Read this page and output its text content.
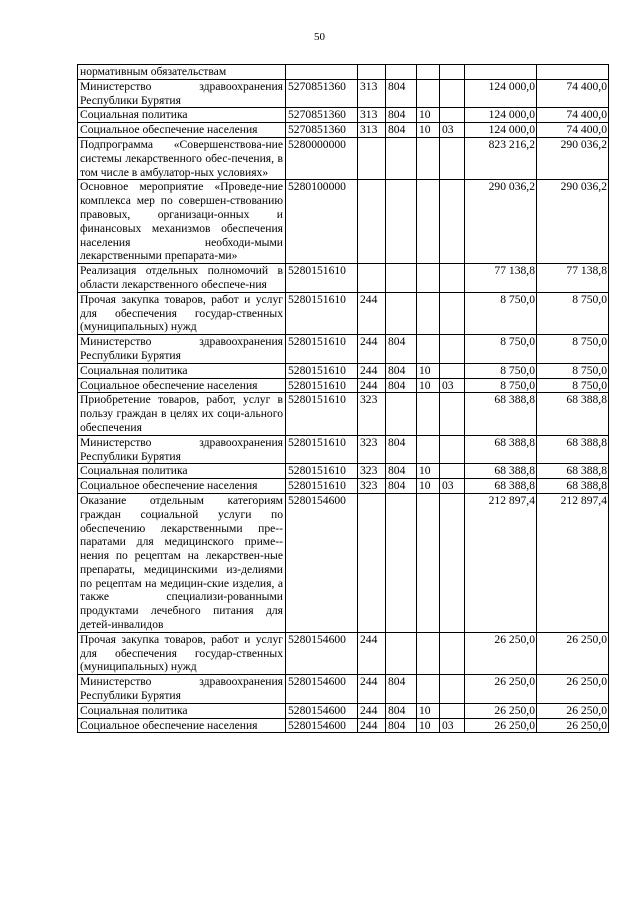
50
нормативным обязательствам							
Министерство здравоохранения Республики Бурятия	5270851360	313	804			124 000,0	74 400,0
Социальная политика	5270851360	313	804	10		124 000,0	74 400,0
Социальное обеспечение населения	5270851360	313	804	10	03	124 000,0	74 400,0
Подпрограмма «Совершенствова-ние системы лекарственного обес-печения, в том числе в амбулатор-ных условиях»	5280000000					823 216,2	290 036,2
Основное мероприятие «Проведе-ние комплекса мер по совершен-ствованию правовых, организаци-онных и финансовых механизмов обеспечения населения необходи-мыми лекарственными препарата-ми»	5280100000					290 036,2	290 036,2
Реализация отдельных полномочий в области лекарственного обеспече-ния	5280151610					77 138,8	77 138,8
Прочая закупка товаров, работ и услуг для обеспечения государ-ственных (муниципальных) нужд	5280151610	244				8 750,0	8 750,0
Министерство здравоохранения Республики Бурятия	5280151610	244	804			8 750,0	8 750,0
Социальная политика	5280151610	244	804	10		8 750,0	8 750,0
Социальное обеспечение населения	5280151610	244	804	10	03	8 750,0	8 750,0
Приобретение товаров, работ, услуг в пользу граждан в целях их соци-ального обеспечения	5280151610	323				68 388,8	68 388,8
Министерство здравоохранения Республики Бурятия	5280151610	323	804			68 388,8	68 388,8
Социальная политика	5280151610	323	804	10		68 388,8	68 388,8
Социальное обеспечение населения	5280151610	323	804	10	03	68 388,8	68 388,8
Оказание отдельным категориям граждан социальной услуги по обеспечению лекарственными пре-паратами для медицинского приме-нения по рецептам на лекарствен-ные препараты, медицинскими из-делиями по рецептам на медицин-ские изделия, а также специализи-рованными продуктами лечебного питания для детей-инвалидов	5280154600					212 897,4	212 897,4
Прочая закупка товаров, работ и услуг для обеспечения государ-ственных (муниципальных) нужд	5280154600	244				26 250,0	26 250,0
Министерство здравоохранения Республики Бурятия	5280154600	244	804			26 250,0	26 250,0
Социальная политика	5280154600	244	804	10		26 250,0	26 250,0
Социальное обеспечение населения	5280154600	244	804	10	03	26 250,0	26 250,0
